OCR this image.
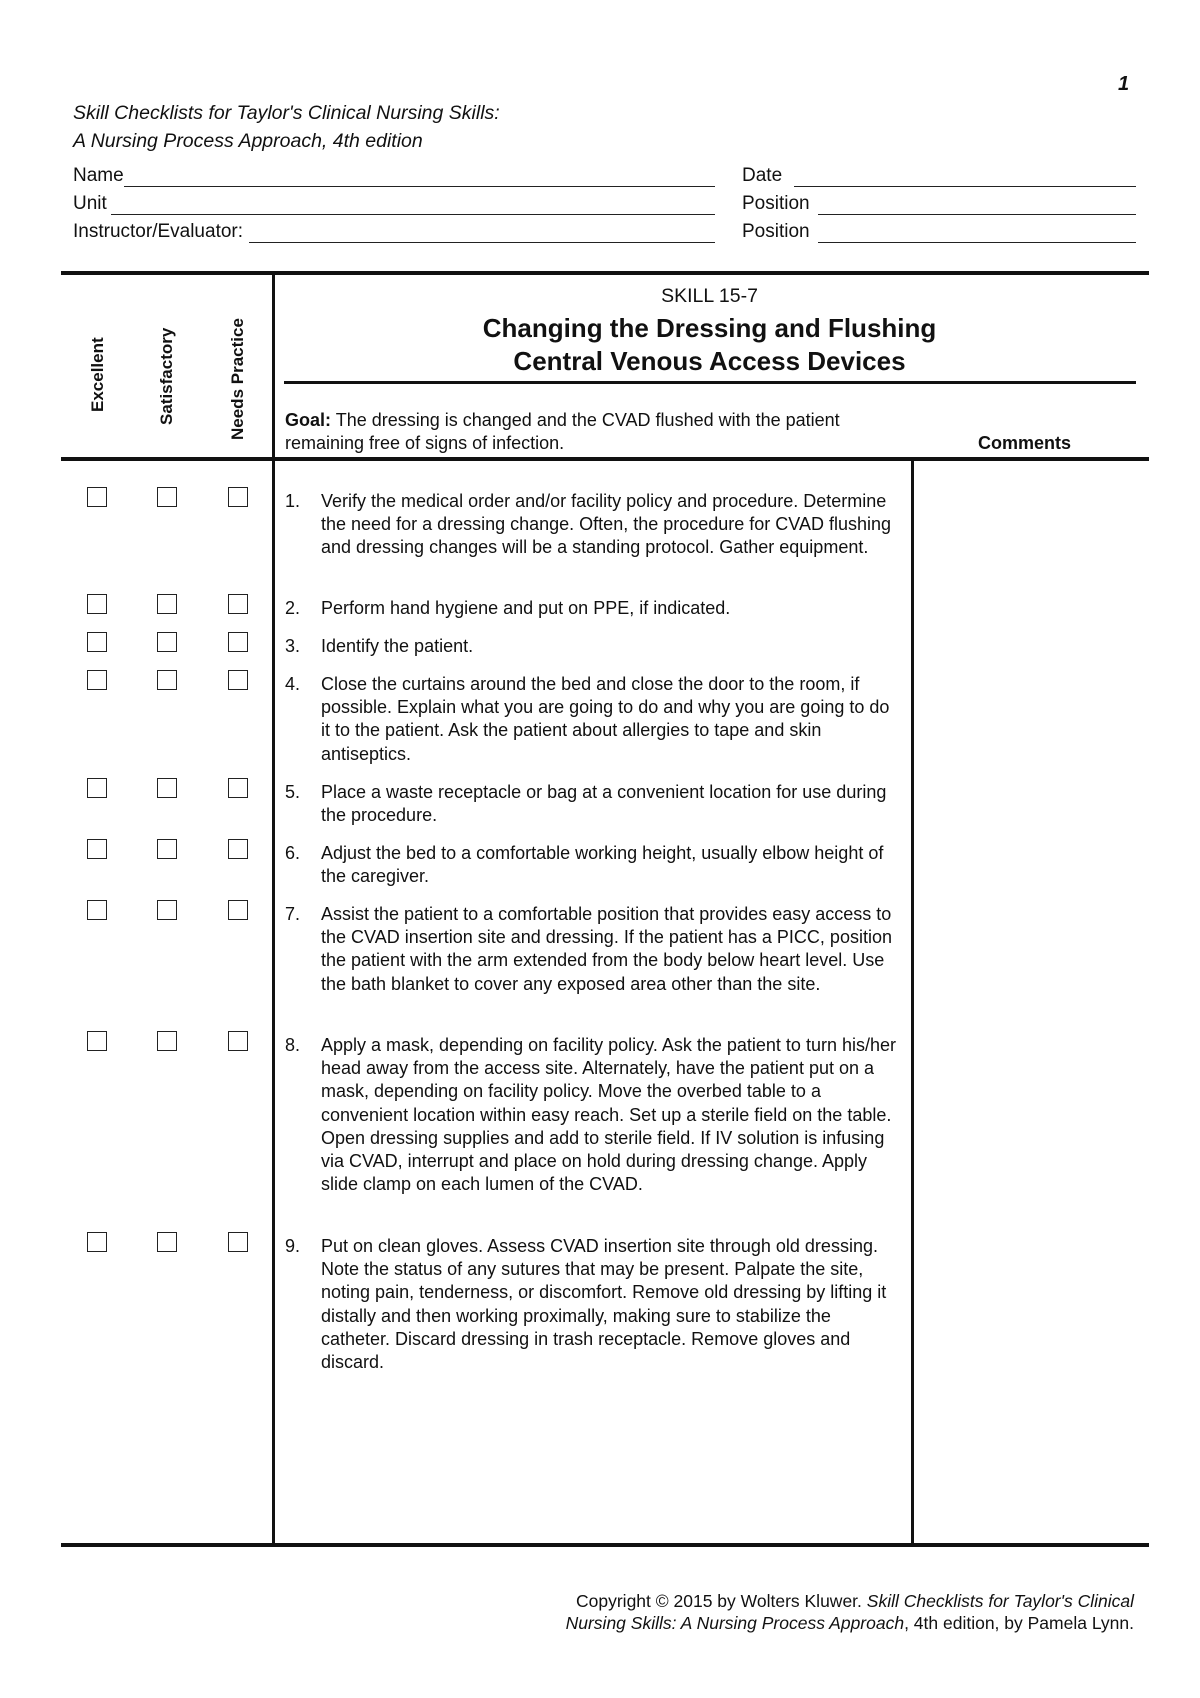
1
Skill Checklists for Taylor's Clinical Nursing Skills:
A Nursing Process Approach, 4th edition
Name
Unit
Instructor/Evaluator:
Date
Position
Position
Excellent	Satisfactory	Needs Practice
SKILL 15-7
Changing the Dressing and Flushing
Central Venous Access Devices
Goal: The dressing is changed and the CVAD flushed with the patient remaining free of signs of infection.	Comments
1. Verify the medical order and/or facility policy and procedure. Determine the need for a dressing change. Often, the procedure for CVAD flushing and dressing changes will be a standing protocol. Gather equipment.
2. Perform hand hygiene and put on PPE, if indicated.
3. Identify the patient.
4. Close the curtains around the bed and close the door to the room, if possible. Explain what you are going to do and why you are going to do it to the patient. Ask the patient about allergies to tape and skin antiseptics.
5. Place a waste receptacle or bag at a convenient location for use during the procedure.
6. Adjust the bed to a comfortable working height, usually elbow height of the caregiver.
7. Assist the patient to a comfortable position that provides easy access to the CVAD insertion site and dressing. If the patient has a PICC, position the patient with the arm extended from the body below heart level. Use the bath blanket to cover any exposed area other than the site.
8. Apply a mask, depending on facility policy. Ask the patient to turn his/her head away from the access site. Alternately, have the patient put on a mask, depending on facility policy. Move the overbed table to a convenient location within easy reach. Set up a sterile field on the table. Open dressing supplies and add to sterile field. If IV solution is infusing via CVAD, interrupt and place on hold during dressing change. Apply slide clamp on each lumen of the CVAD.
9. Put on clean gloves. Assess CVAD insertion site through old dressing. Note the status of any sutures that may be present. Palpate the site, noting pain, tenderness, or discomfort. Remove old dressing by lifting it distally and then working proximally, making sure to stabilize the catheter. Discard dressing in trash receptacle. Remove gloves and discard.
Copyright © 2015 by Wolters Kluwer. Skill Checklists for Taylor's Clinical
Nursing Skills: A Nursing Process Approach, 4th edition, by Pamela Lynn.
